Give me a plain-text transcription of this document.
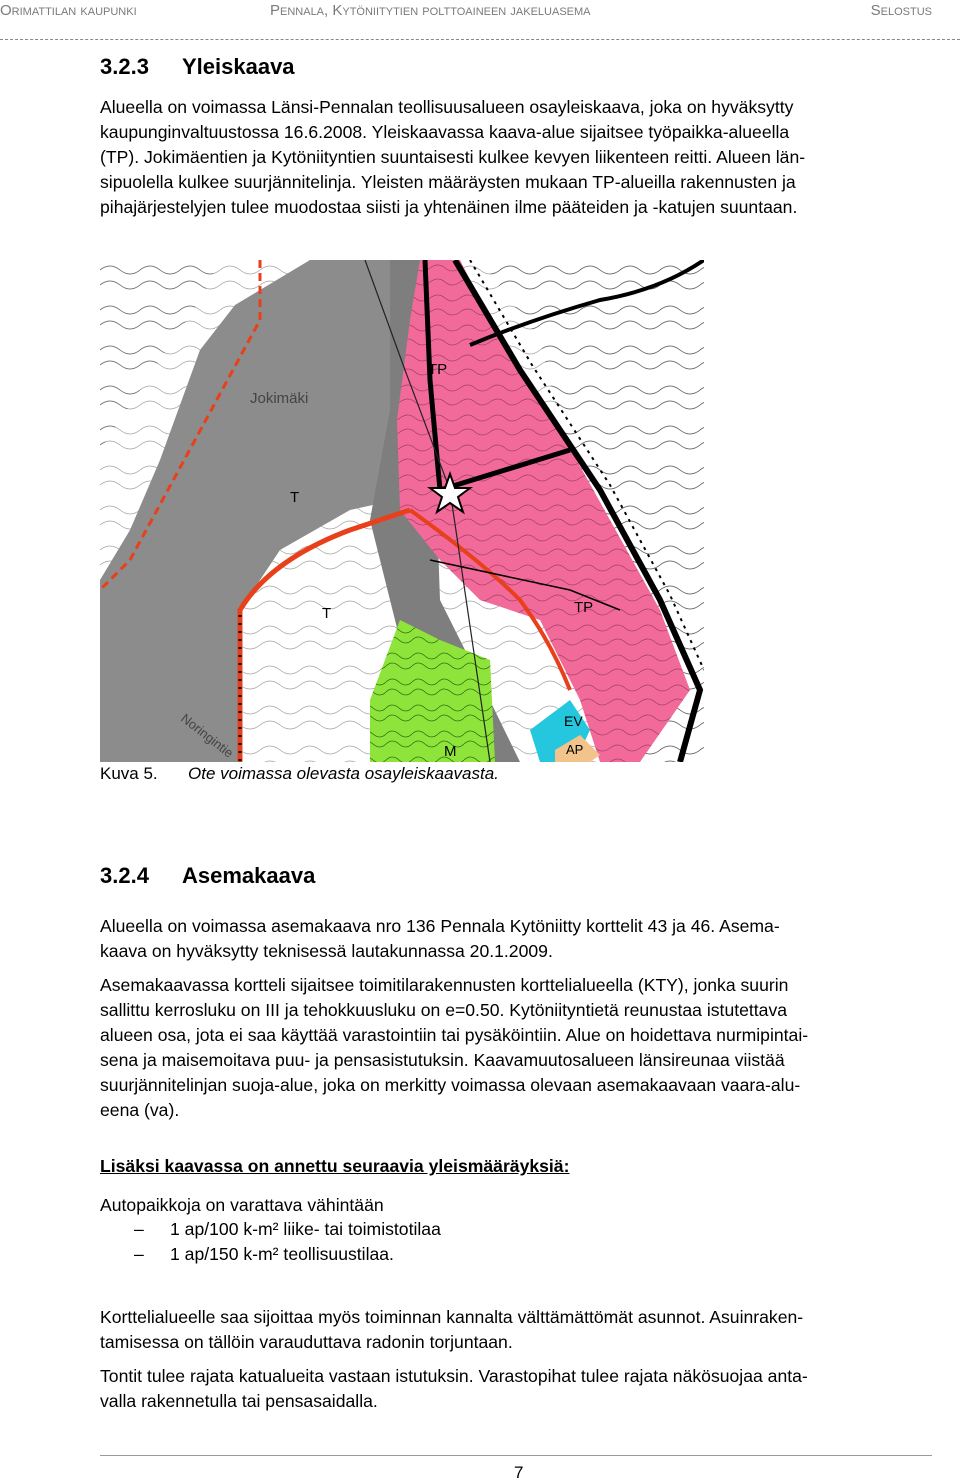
Orimattilan kaupunki	Pennala, Kytöniitytien polttoaineen jakeluasema	Selostus
3.2.3 Yleiskaava
Alueella on voimassa Länsi-Pennalan teollisuusalueen osayleiskaava, joka on hyväksytty
kaupunginvaltuustossa 16.6.2008. Yleiskaavassa kaava-alue sijaitsee työpaikka-alueella
(TP). Jokimäentien ja Kytöniityntien suuntaisesti kulkee kevyen liikenteen reitti. Alueen län-
sipuolella kulkee suurjännitelinja. Yleisten määräysten mukaan TP-alueilla rakennusten ja
pihajärjestelyjen tulee muodostaa siisti ja yhtenäinen ilme pääteiden ja -katujen suuntaan.
TP
TP
T
T
M
EV
AP
Jokimäki
Noringintie
Kuva 5. Ote voimassa olevasta osayleiskaavasta.
3.2.4 Asemakaava
Alueella on voimassa asemakaava nro 136 Pennala Kytöniitty korttelit 43 ja 46. Asema-
kaava on hyväksytty teknisessä lautakunnassa 20.1.2009.
Asemakaavassa kortteli sijaitsee toimitilarakennusten korttelialueella (KTY), jonka suurin
sallittu kerrosluku on III ja tehokkuusluku on e=0.50. Kytöniityntietä reunustaa istutettava
alueen osa, jota ei saa käyttää varastointiin tai pysäköintiin. Alue on hoidettava nurmipintai-
sena ja maisemoitava puu- ja pensasistutuksin. Kaavamuutosalueen länsireunaa viistää
suurjännitelinjan suoja-alue, joka on merkitty voimassa olevaan asemakaavaan vaara-alu-
eena (va).
Lisäksi kaavassa on annettu seuraavia yleismääräyksiä:
Autopaikkoja on varattava vähintään
– 1 ap/100 k-m² liike- tai toimistotilaa
– 1 ap/150 k-m² teollisuustilaa.
Korttelialueelle saa sijoittaa myös toiminnan kannalta välttämättömät asunnot. Asuinraken-
tamisessa on tällöin varauduttava radonin torjuntaan.
Tontit tulee rajata katualueita vastaan istutuksin. Varastopihat tulee rajata näkösuojaa anta-
valla rakennetulla tai pensasaidalla.
7
